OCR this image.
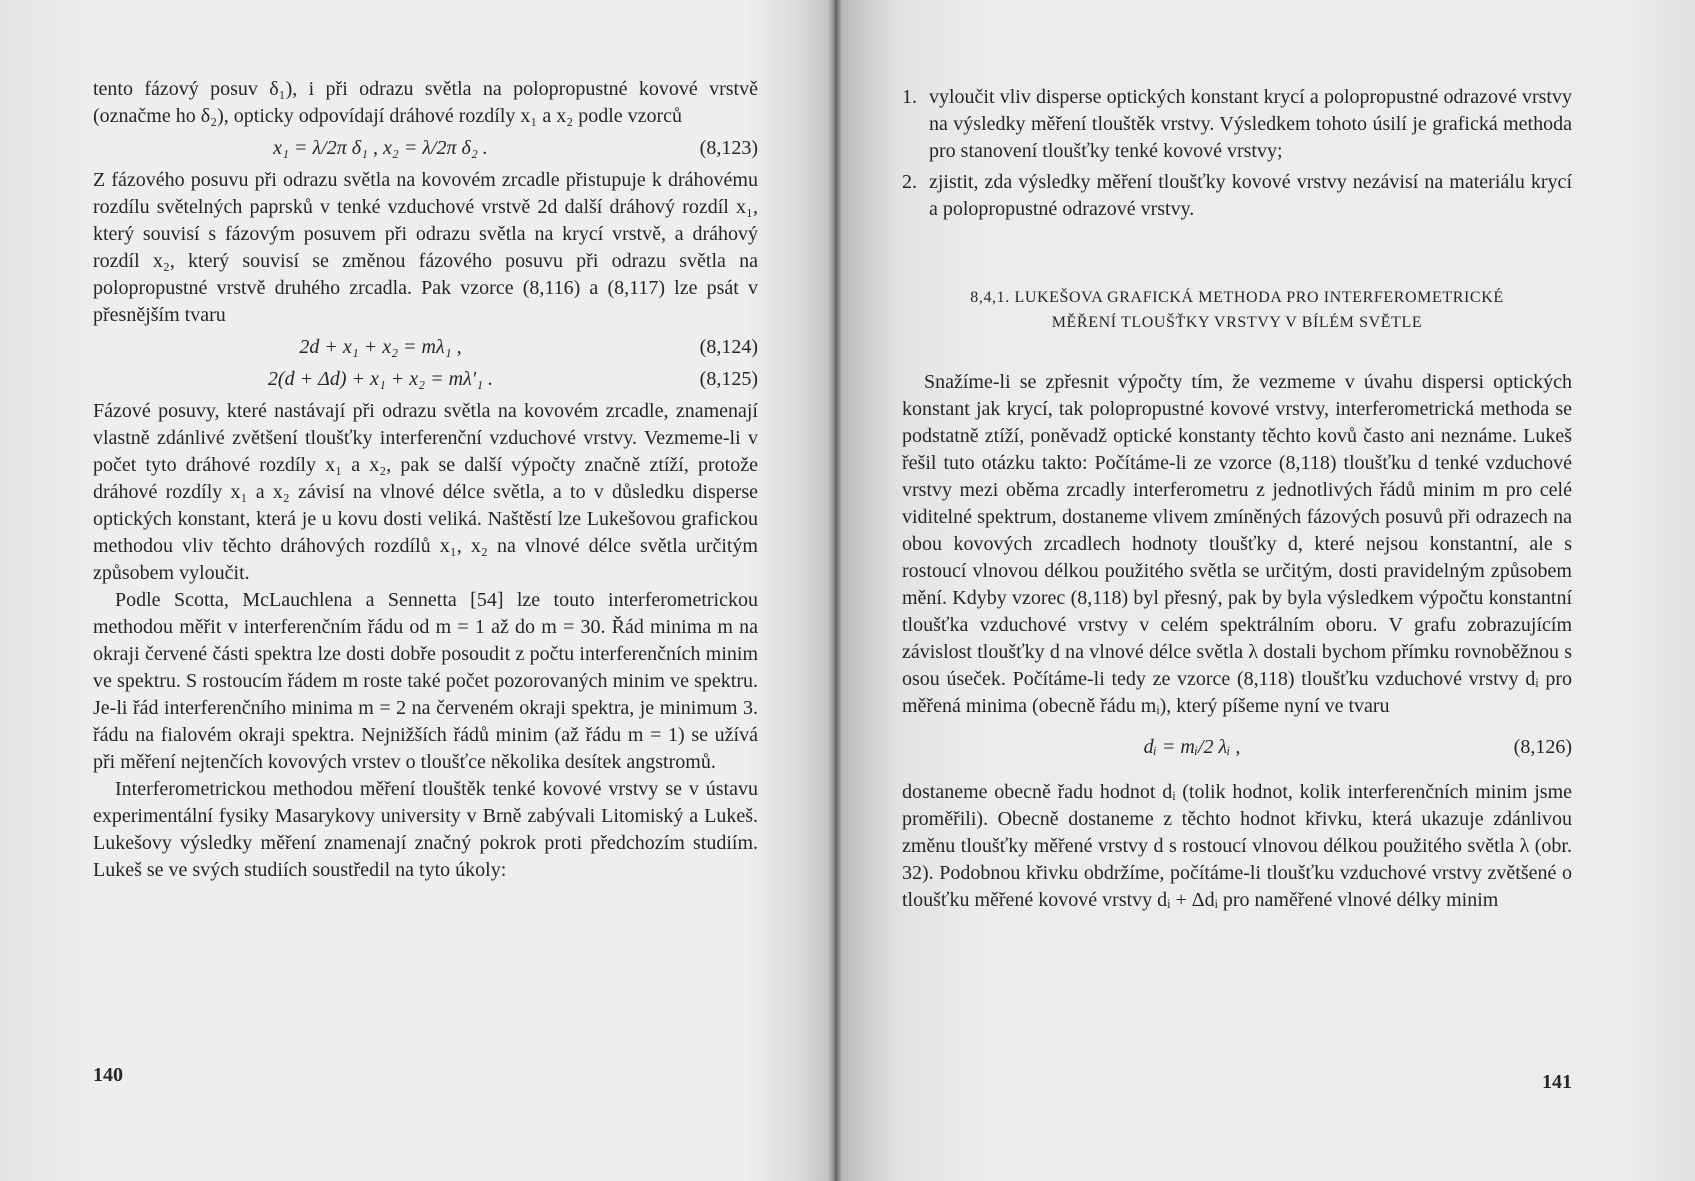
tento fázový posuv δ₁), i při odrazu světla na polopropustné kovové vrstvě (označme ho δ₂), opticky odpovídají dráhové rozdíly x₁ a x₂ podle vzorců

x₁ = λ/2π δ₁ , x₂ = λ/2π δ₂ .	(8,123)

Z fázového posuvu při odrazu světla na kovovém zrcadle přistupuje k dráhovému rozdílu světelných paprsků v tenké vzduchové vrstvě 2d další dráhový rozdíl x₁, který souvisí s fázovým posuvem při odrazu světla na krycí vrstvě, a dráhový rozdíl x₂, který souvisí se změnou fázového posuvu při odrazu světla na polopropustné vrstvě druhého zrcadla. Pak vzorce (8,116) a (8,117) lze psát v přesnějším tvaru

2d + x₁ + x₂ = mλ₁ ,	(8,124)
2(d + Δd) + x₁ + x₂ = mλ′₁ .	(8,125)

Fázové posuvy, které nastávají při odrazu světla na kovovém zrcadle, znamenají vlastně zdánlivé zvětšení tloušťky interferenční vzduchové vrstvy. Vezmeme-li v počet tyto dráhové rozdíly x₁ a x₂, pak se další výpočty značně ztíží, protože dráhové rozdíly x₁ a x₂ závisí na vlnové délce světla, a to v důsledku disperse optických konstant, která je u kovu dosti veliká. Naštěstí lze Lukešovou grafickou methodou vliv těchto dráhových rozdílů x₁, x₂ na vlnové délce světla určitým způsobem vyloučit.

Podle Scotta, McLauchlena a Sennetta [54] lze touto interferometrickou methodou měřit v interferenčním řádu od m = 1 až do m = 30. Řád minima m na okraji červené části spektra lze dosti dobře posoudit z počtu interferenčních minim ve spektru. S rostoucím řádem m roste také počet pozorovaných minim ve spektru. Je-li řád interferenčního minima m = 2 na červeném okraji spektra, je minimum 3. řádu na fialovém okraji spektra. Nejnižších řádů minim (až řádu m = 1) se užívá při měření nejtenčích kovových vrstev o tloušťce několika desítek angstromů.

Interferometrickou methodou měření tlouštěk tenké kovové vrstvy se v ústavu experimentální fysiky Masarykovy university v Brně zabývali Litomiský a Lukeš. Lukešovy výsledky měření znamenají značný pokrok proti předchozím studiím. Lukeš se ve svých studiích soustředil na tyto úkoly:

140
1. vyloučit vliv disperse optických konstant krycí a polopropustné odrazové vrstvy na výsledky měření tlouštěk vrstvy. Výsledkem tohoto úsilí je grafická methoda pro stanovení tloušťky tenké kovové vrstvy;
2. zjistit, zda výsledky měření tloušťky kovové vrstvy nezávisí na materiálu krycí a polopropustné odrazové vrstvy.
8,4,1. LUKEŠOVA GRAFICKÁ METHODA PRO INTERFEROMETRICKÉ
MĚŘENÍ TLOUŠŤKY VRSTVY V BÍLÉM SVĚTLE

Snažíme-li se zpřesnit výpočty tím, že vezmeme v úvahu dispersi optických konstant jak krycí, tak polopropustné kovové vrstvy, interferometrická methoda se podstatně ztíží, poněvadž optické konstanty těchto kovů často ani neznáme. Lukeš řešil tuto otázku takto: Počítáme-li ze vzorce (8,118) tloušťku d tenké vzduchové vrstvy mezi oběma zrcadly interferometru z jednotlivých řádů minim m pro celé viditelné spektrum, dostaneme vlivem zmíněných fázových posuvů při odrazech na obou kovových zrcadlech hodnoty tloušťky d, které nejsou konstantní, ale s rostoucí vlnovou délkou použitého světla se určitým, dosti pravidelným způsobem mění. Kdyby vzorec (8,118) byl přesný, pak by byla výsledkem výpočtu konstantní tloušťka vzduchové vrstvy v celém spektrálním oboru. V grafu zobrazujícím závislost tloušťky d na vlnové délce světla λ dostali bychom přímku rovnoběžnou s osou úseček. Počítáme-li tedy ze vzorce (8,118) tloušťku vzduchové vrstvy dᵢ pro měřená minima (obecně řádu mᵢ), který píšeme nyní ve tvaru

dᵢ = mᵢ/2 λᵢ ,	(8,126)

dostaneme obecně řadu hodnot dᵢ (tolik hodnot, kolik interferenčních minim jsme proměřili). Obecně dostaneme z těchto hodnot křivku, která ukazuje zdánlivou změnu tloušťky měřené vrstvy d s rostoucí vlnovou délkou použitého světla λ (obr. 32). Podobnou křivku obdržíme, počítáme-li tloušťku vzduchové vrstvy zvětšené o tloušťku měřené kovové vrstvy dᵢ + Δdᵢ pro naměřené vlnové délky minim

141
